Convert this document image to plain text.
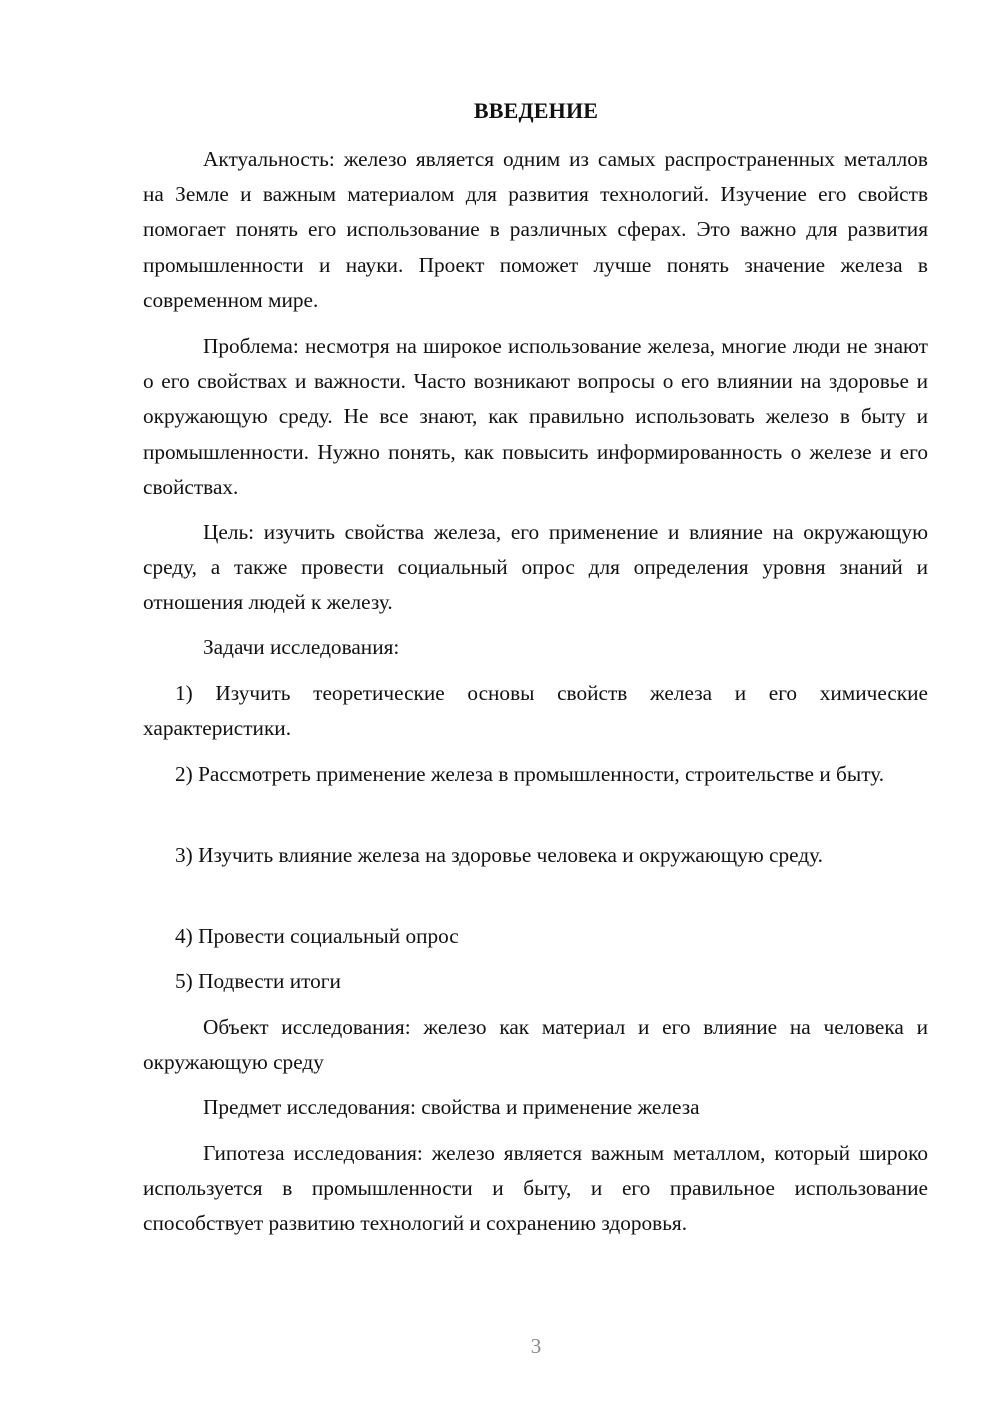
ВВЕДЕНИЕ

Актуальность: железо является одним из самых распространенных металлов на Земле и важным материалом для развития технологий. Изучение его свойств помогает понять его использование в различных сферах. Это важно для развития промышленности и науки. Проект поможет лучше понять значение железа в современном мире.

Проблема: несмотря на широкое использование железа, многие люди не знают о его свойствах и важности. Часто возникают вопросы о его влиянии на здоровье и окружающую среду. Не все знают, как правильно использовать железо в быту и промышленности. Нужно понять, как повысить информированность о железе и его свойствах.

Цель: изучить свойства железа, его применение и влияние на окружающую среду, а также провести социальный опрос для определения уровня знаний и отношения людей к железу.

Задачи исследования:

1) Изучить теоретические основы свойств железа и его химические характеристики.

2) Рассмотреть применение железа в промышленности, строительстве и быту.

3) Изучить влияние железа на здоровье человека и окружающую среду.

4) Провести социальный опрос

5) Подвести итоги

Объект исследования: железо как материал и его влияние на человека и окружающую среду

Предмет исследования: свойства и применение железа

Гипотеза исследования: железо является важным металлом, который широко используется в промышленности и быту, и его правильное использование способствует развитию технологий и сохранению здоровья.

3
